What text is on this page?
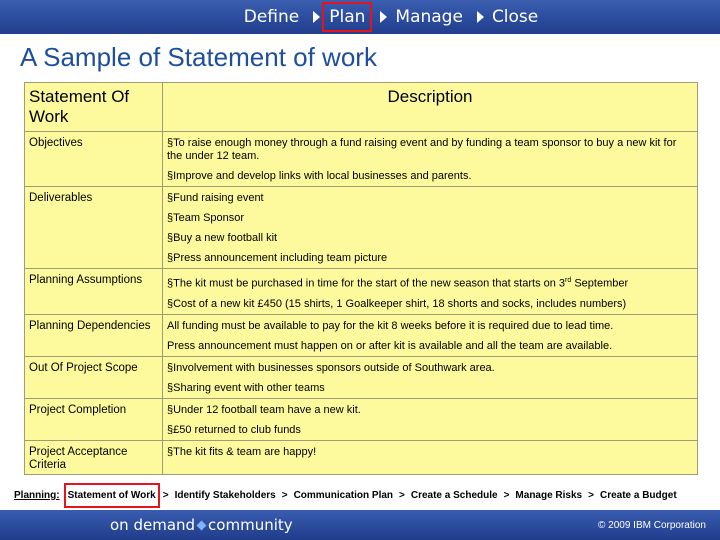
Define	Plan	Manage	Close
A Sample of Statement of work
Statement Of Work	Description
Objectives	§To raise enough money through a fund raising event and by funding a team sponsor to buy a new kit for the under 12 team.
§Improve and develop links with local businesses and parents.

Deliverables	§Fund raising event
§Team Sponsor
§Buy a new football kit
§Press announcement including team picture

Planning Assumptions	§The kit must be purchased in time for the start of the new season that starts on 3rd September
§Cost of a new kit £450 (15 shirts, 1 Goalkeeper shirt, 18 shorts and socks, includes numbers)

Planning Dependencies	All funding must be available to pay for the kit 8 weeks before it is required due to lead time.
Press announcement must happen on or after kit is available and all the team are available.

Out Of Project Scope	§Involvement with businesses sponsors outside of Southwark area.
§Sharing event with other teams

Project Completion	§Under 12 football team have a new kit.
§£50 returned to club funds

Project Acceptance Criteria	§The kit fits & team are happy!
Planning: Statement of Work > Identify Stakeholders > Communication Plan > Create a Schedule > Manage Risks > Create a Budget
on demand community	© 2009 IBM Corporation
